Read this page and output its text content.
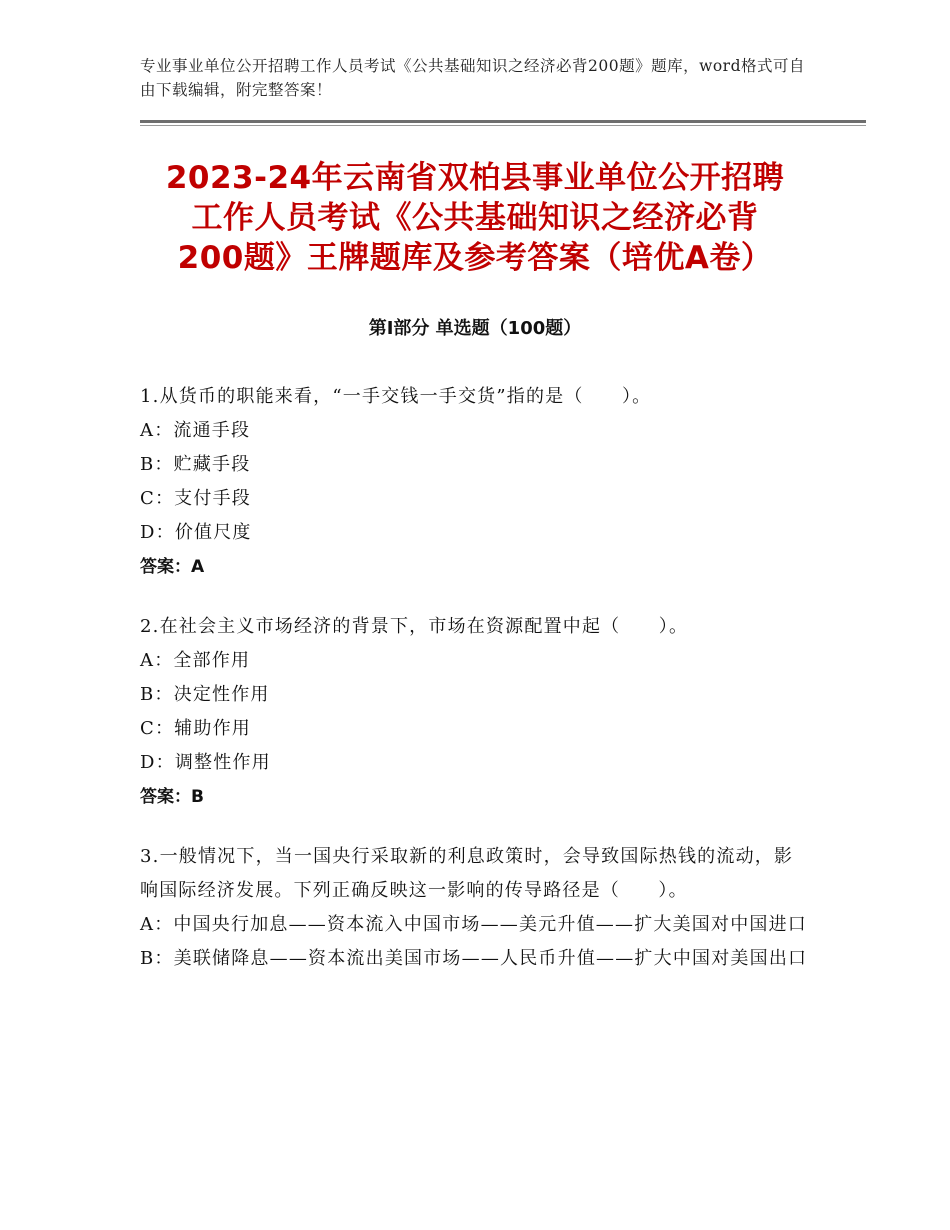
专业事业单位公开招聘工作人员考试《公共基础知识之经济必背200题》题库，word格式可自由下载编辑，附完整答案！
2023-24年云南省双柏县事业单位公开招聘
工作人员考试《公共基础知识之经济必背
200题》王牌题库及参考答案（培优A卷）
第Ⅰ部分 单选题（100题）
1.从货币的职能来看，“一手交钱一手交货”指的是（　　）。
A：流通手段
B：贮藏手段
C：支付手段
D：价值尺度
答案：A
2.在社会主义市场经济的背景下，市场在资源配置中起（　　）。
A：全部作用
B：决定性作用
C：辅助作用
D：调整性作用
答案：B
3.一般情况下，当一国央行采取新的利息政策时，会导致国际热钱的流动，影响国际经济发展。下列正确反映这一影响的传导路径是（　　）。
A：中国央行加息——资本流入中国市场——美元升值——扩大美国对中国进口
B：美联储降息——资本流出美国市场——人民币升值——扩大中国对美国出口
